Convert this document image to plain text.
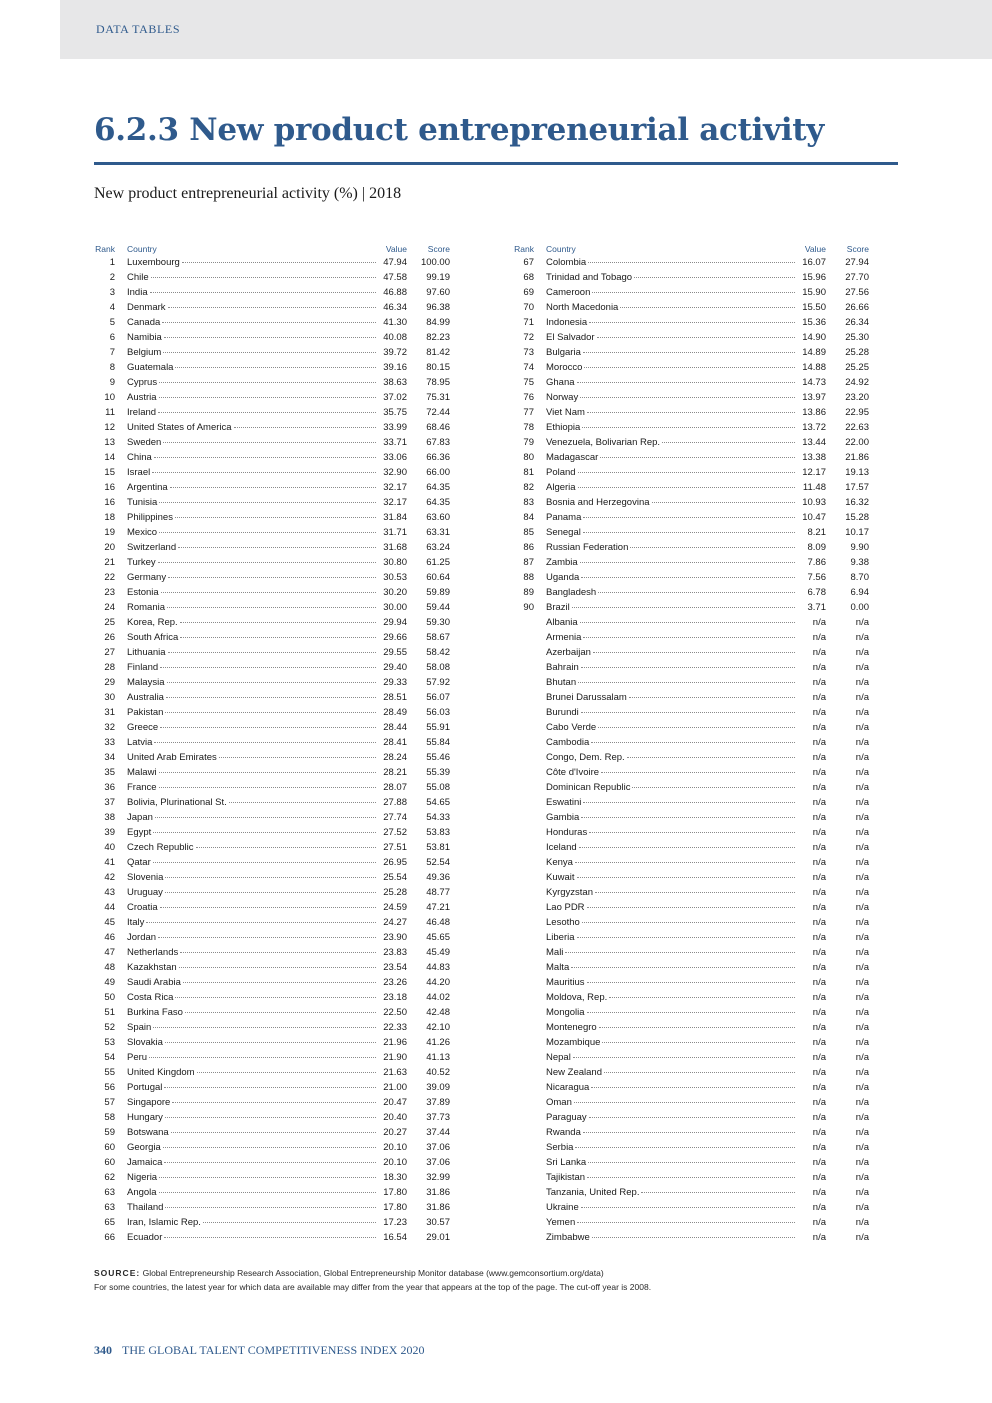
DATA TABLES
6.2.3 New product entrepreneurial activity
New product entrepreneurial activity (%) | 2018
Rank Country	Value	Score
1 Luxembourg	47.94	100.00
2 Chile	47.58	99.19
3 India	46.88	97.60
4 Denmark	46.34	96.38
5 Canada	41.30	84.99
6 Namibia	40.08	82.23
7 Belgium	39.72	81.42
8 Guatemala	39.16	80.15
9 Cyprus	38.63	78.95
10 Austria	37.02	75.31
11 Ireland	35.75	72.44
12 United States of America	33.99	68.46
13 Sweden	33.71	67.83
14 China	33.06	66.36
15 Israel	32.90	66.00
16 Argentina	32.17	64.35
16 Tunisia	32.17	64.35
18 Philippines	31.84	63.60
19 Mexico	31.71	63.31
20 Switzerland	31.68	63.24
21 Turkey	30.80	61.25
22 Germany	30.53	60.64
23 Estonia	30.20	59.89
24 Romania	30.00	59.44
25 Korea, Rep.	29.94	59.30
26 South Africa	29.66	58.67
27 Lithuania	29.55	58.42
28 Finland	29.40	58.08
29 Malaysia	29.33	57.92
30 Australia	28.51	56.07
31 Pakistan	28.49	56.03
32 Greece	28.44	55.91
33 Latvia	28.41	55.84
34 United Arab Emirates	28.24	55.46
35 Malawi	28.21	55.39
36 France	28.07	55.08
37 Bolivia, Plurinational St.	27.88	54.65
38 Japan	27.74	54.33
39 Egypt	27.52	53.83
40 Czech Republic	27.51	53.81
41 Qatar	26.95	52.54
42 Slovenia	25.54	49.36
43 Uruguay	25.28	48.77
44 Croatia	24.59	47.21
45 Italy	24.27	46.48
46 Jordan	23.90	45.65
47 Netherlands	23.83	45.49
48 Kazakhstan	23.54	44.83
49 Saudi Arabia	23.26	44.20
50 Costa Rica	23.18	44.02
51 Burkina Faso	22.50	42.48
52 Spain	22.33	42.10
53 Slovakia	21.96	41.26
54 Peru	21.90	41.13
55 United Kingdom	21.63	40.52
56 Portugal	21.00	39.09
57 Singapore	20.47	37.89
58 Hungary	20.40	37.73
59 Botswana	20.27	37.44
60 Georgia	20.10	37.06
60 Jamaica	20.10	37.06
62 Nigeria	18.30	32.99
63 Angola	17.80	31.86
63 Thailand	17.80	31.86
65 Iran, Islamic Rep.	17.23	30.57
66 Ecuador	16.54	29.01
Rank Country	Value	Score
67 Colombia	16.07	27.94
68 Trinidad and Tobago	15.96	27.70
69 Cameroon	15.90	27.56
70 North Macedonia	15.50	26.66
71 Indonesia	15.36	26.34
72 El Salvador	14.90	25.30
73 Bulgaria	14.89	25.28
74 Morocco	14.88	25.25
75 Ghana	14.73	24.92
76 Norway	13.97	23.20
77 Viet Nam	13.86	22.95
78 Ethiopia	13.72	22.63
79 Venezuela, Bolivarian Rep.	13.44	22.00
80 Madagascar	13.38	21.86
81 Poland	12.17	19.13
82 Algeria	11.48	17.57
83 Bosnia and Herzegovina	10.93	16.32
84 Panama	10.47	15.28
85 Senegal	8.21	10.17
86 Russian Federation	8.09	9.90
87 Zambia	7.86	9.38
88 Uganda	7.56	8.70
89 Bangladesh	6.78	6.94
90 Brazil	3.71	0.00
Albania	n/a	n/a
Armenia	n/a	n/a
Azerbaijan	n/a	n/a
Bahrain	n/a	n/a
Bhutan	n/a	n/a
Brunei Darussalam	n/a	n/a
Burundi	n/a	n/a
Cabo Verde	n/a	n/a
Cambodia	n/a	n/a
Congo, Dem. Rep.	n/a	n/a
Côte d'Ivoire	n/a	n/a
Dominican Republic	n/a	n/a
Eswatini	n/a	n/a
Gambia	n/a	n/a
Honduras	n/a	n/a
Iceland	n/a	n/a
Kenya	n/a	n/a
Kuwait	n/a	n/a
Kyrgyzstan	n/a	n/a
Lao PDR	n/a	n/a
Lesotho	n/a	n/a
Liberia	n/a	n/a
Mali	n/a	n/a
Malta	n/a	n/a
Mauritius	n/a	n/a
Moldova, Rep.	n/a	n/a
Mongolia	n/a	n/a
Montenegro	n/a	n/a
Mozambique	n/a	n/a
Nepal	n/a	n/a
New Zealand	n/a	n/a
Nicaragua	n/a	n/a
Oman	n/a	n/a
Paraguay	n/a	n/a
Rwanda	n/a	n/a
Serbia	n/a	n/a
Sri Lanka	n/a	n/a
Tajikistan	n/a	n/a
Tanzania, United Rep.	n/a	n/a
Ukraine	n/a	n/a
Yemen	n/a	n/a
Zimbabwe	n/a	n/a
SOURCE: Global Entrepreneurship Research Association, Global Entrepreneurship Monitor database (www.gemconsortium.org/data)
For some countries, the latest year for which data are available may differ from the year that appears at the top of the page. The cut-off year is 2008.
340 THE GLOBAL TALENT COMPETITIVENESS INDEX 2020
